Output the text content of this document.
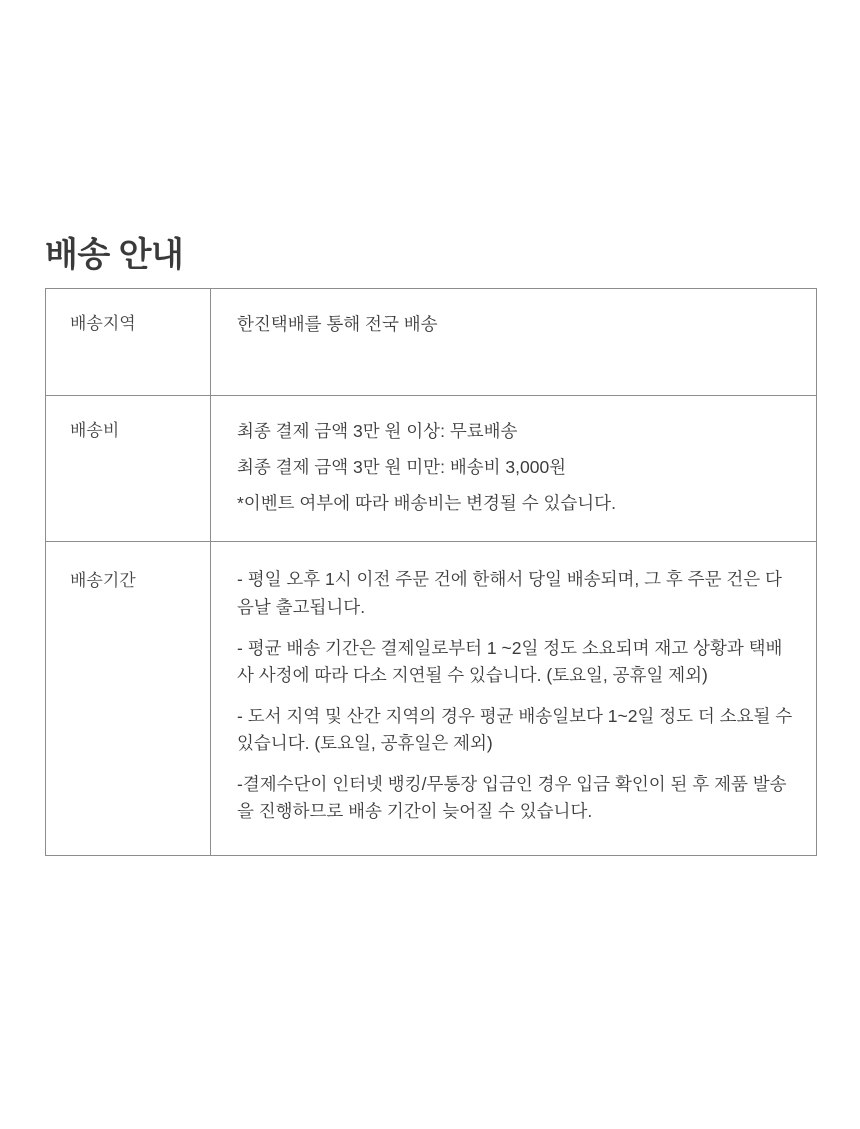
배송 안내
배송지역	한진택배를 통해 전국 배송

배송비	최종 결제 금액 3만 원 이상: 무료배송
최종 결제 금액 3만 원 미만: 배송비 3,000원
*이벤트 여부에 따라 배송비는 변경될 수 있습니다.

배송기간	- 평일 오후 1시 이전 주문 건에 한해서 당일 배송되며, 그 후 주문 건은 다음날 출고됩니다.

- 평균 배송 기간은 결제일로부터 1 ~2일 정도 소요되며 재고 상황과 택배사 사정에 따라 다소 지연될 수 있습니다. (토요일, 공휴일 제외)

- 도서 지역 및 산간 지역의 경우 평균 배송일보다 1~2일 정도 더 소요될 수 있습니다. (토요일, 공휴일은 제외)

-결제수단이 인터넷 뱅킹/무통장 입금인 경우 입금 확인이 된 후 제품 발송을 진행하므로 배송 기간이 늦어질 수 있습니다.
